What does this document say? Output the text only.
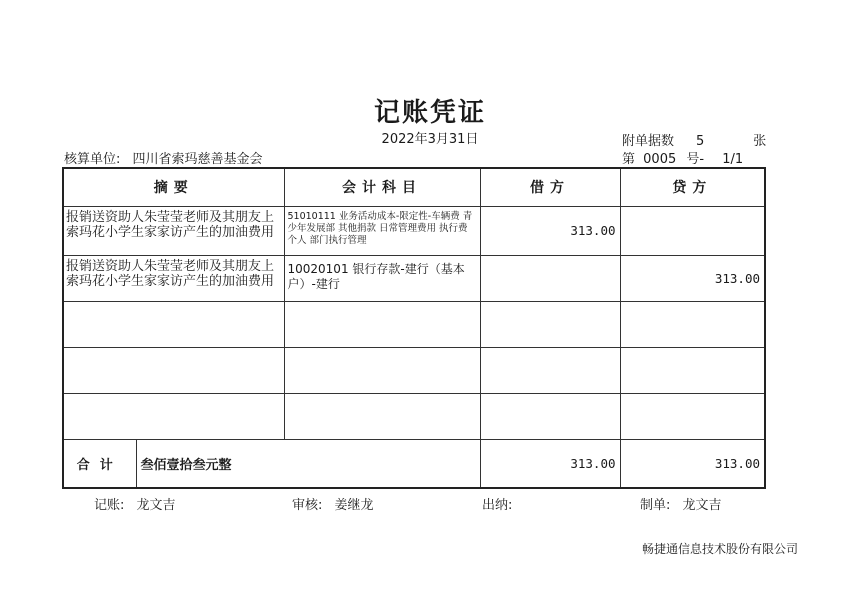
记账凭证
2022年3月31日	附单据数 5	张
核算单位: 四川省索玛慈善基金会	第 0005 号- 1/1
摘要		会计科目	借方	贷方
报销送资助人朱莹莹老师及其朋友上索玛花小学生家家访产生的加油费用		51010111 业务活动成本-限定性-车辆费 青少年发展部 其他捐款 日常管理费用 执行费 个人 部门执行管理	313.00	
报销送资助人朱莹莹老师及其朋友上索玛花小学生家家访产生的加油费用		10020101 银行存款-建行（基本户）-建行		313.00

合计	叁佰壹拾叁元整		313.00	313.00
记账: 龙文吉	审核: 姜继龙	出纳:	制单: 龙文吉
畅捷通信息技术股份有限公司
